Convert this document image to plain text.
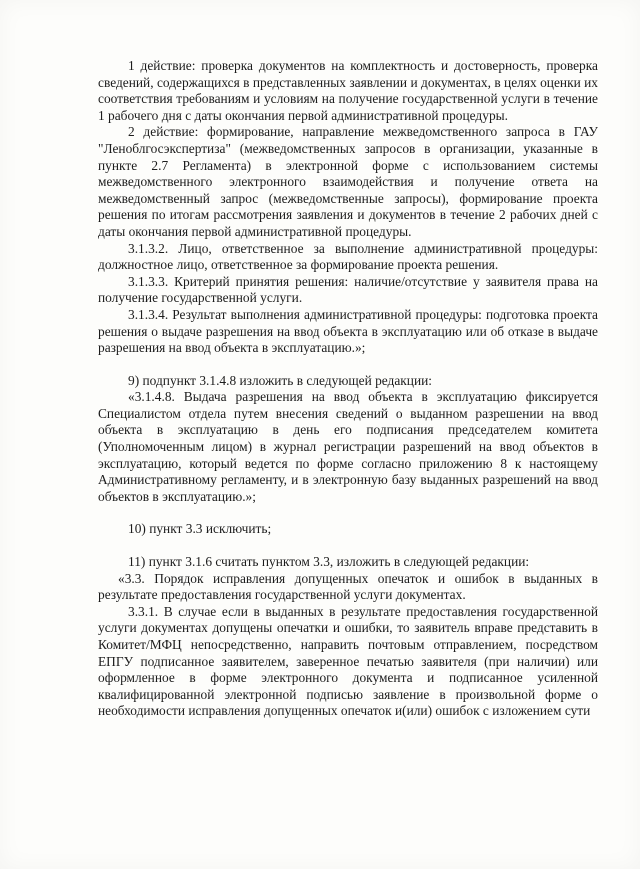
1 действие: проверка документов на комплектность и достоверность, проверка сведений, содержащихся в представленных заявлении и документах, в целях оценки их соответствия требованиям и условиям на получение государственной услуги в течение 1 рабочего дня с даты окончания первой административной процедуры.

2 действие: формирование, направление межведомственного запроса в ГАУ "Леноблгосэкспертиза" (межведомственных запросов в организации, указанные в пункте 2.7 Регламента) в электронной форме с использованием системы межведомственного электронного взаимодействия и получение ответа на межведомственный запрос (межведомственные запросы), формирование проекта решения по итогам рассмотрения заявления и документов в течение 2 рабочих дней с даты окончания первой административной процедуры.

3.1.3.2. Лицо, ответственное за выполнение административной процедуры: должностное лицо, ответственное за формирование проекта решения.

3.1.3.3. Критерий принятия решения: наличие/отсутствие у заявителя права на получение государственной услуги.

3.1.3.4. Результат выполнения административной процедуры: подготовка проекта решения о выдаче разрешения на ввод объекта в эксплуатацию или об отказе в выдаче разрешения на ввод объекта в эксплуатацию.»;

9) подпункт 3.1.4.8 изложить в следующей редакции:

«3.1.4.8. Выдача разрешения на ввод объекта в эксплуатацию фиксируется Специалистом отдела путем внесения сведений о выданном разрешении на ввод объекта в эксплуатацию в день его подписания председателем комитета (Уполномоченным лицом) в журнал регистрации разрешений на ввод объектов в эксплуатацию, который ведется по форме согласно приложению 8 к настоящему Административному регламенту, и в электронную базу выданных разрешений на ввод объектов в эксплуатацию.»;

10) пункт 3.3 исключить;

11) пункт 3.1.6 считать пунктом 3.3, изложить в следующей редакции:

«3.3. Порядок исправления допущенных опечаток и ошибок в выданных в результате предоставления государственной услуги документах.

3.3.1. В случае если в выданных в результате предоставления государственной услуги документах допущены опечатки и ошибки, то заявитель вправе представить в Комитет/МФЦ непосредственно, направить почтовым отправлением, посредством ЕПГУ подписанное заявителем, заверенное печатью заявителя (при наличии) или оформленное в форме электронного документа и подписанное усиленной квалифицированной электронной подписью заявление в произвольной форме о необходимости исправления допущенных опечаток и(или) ошибок с изложением сути
